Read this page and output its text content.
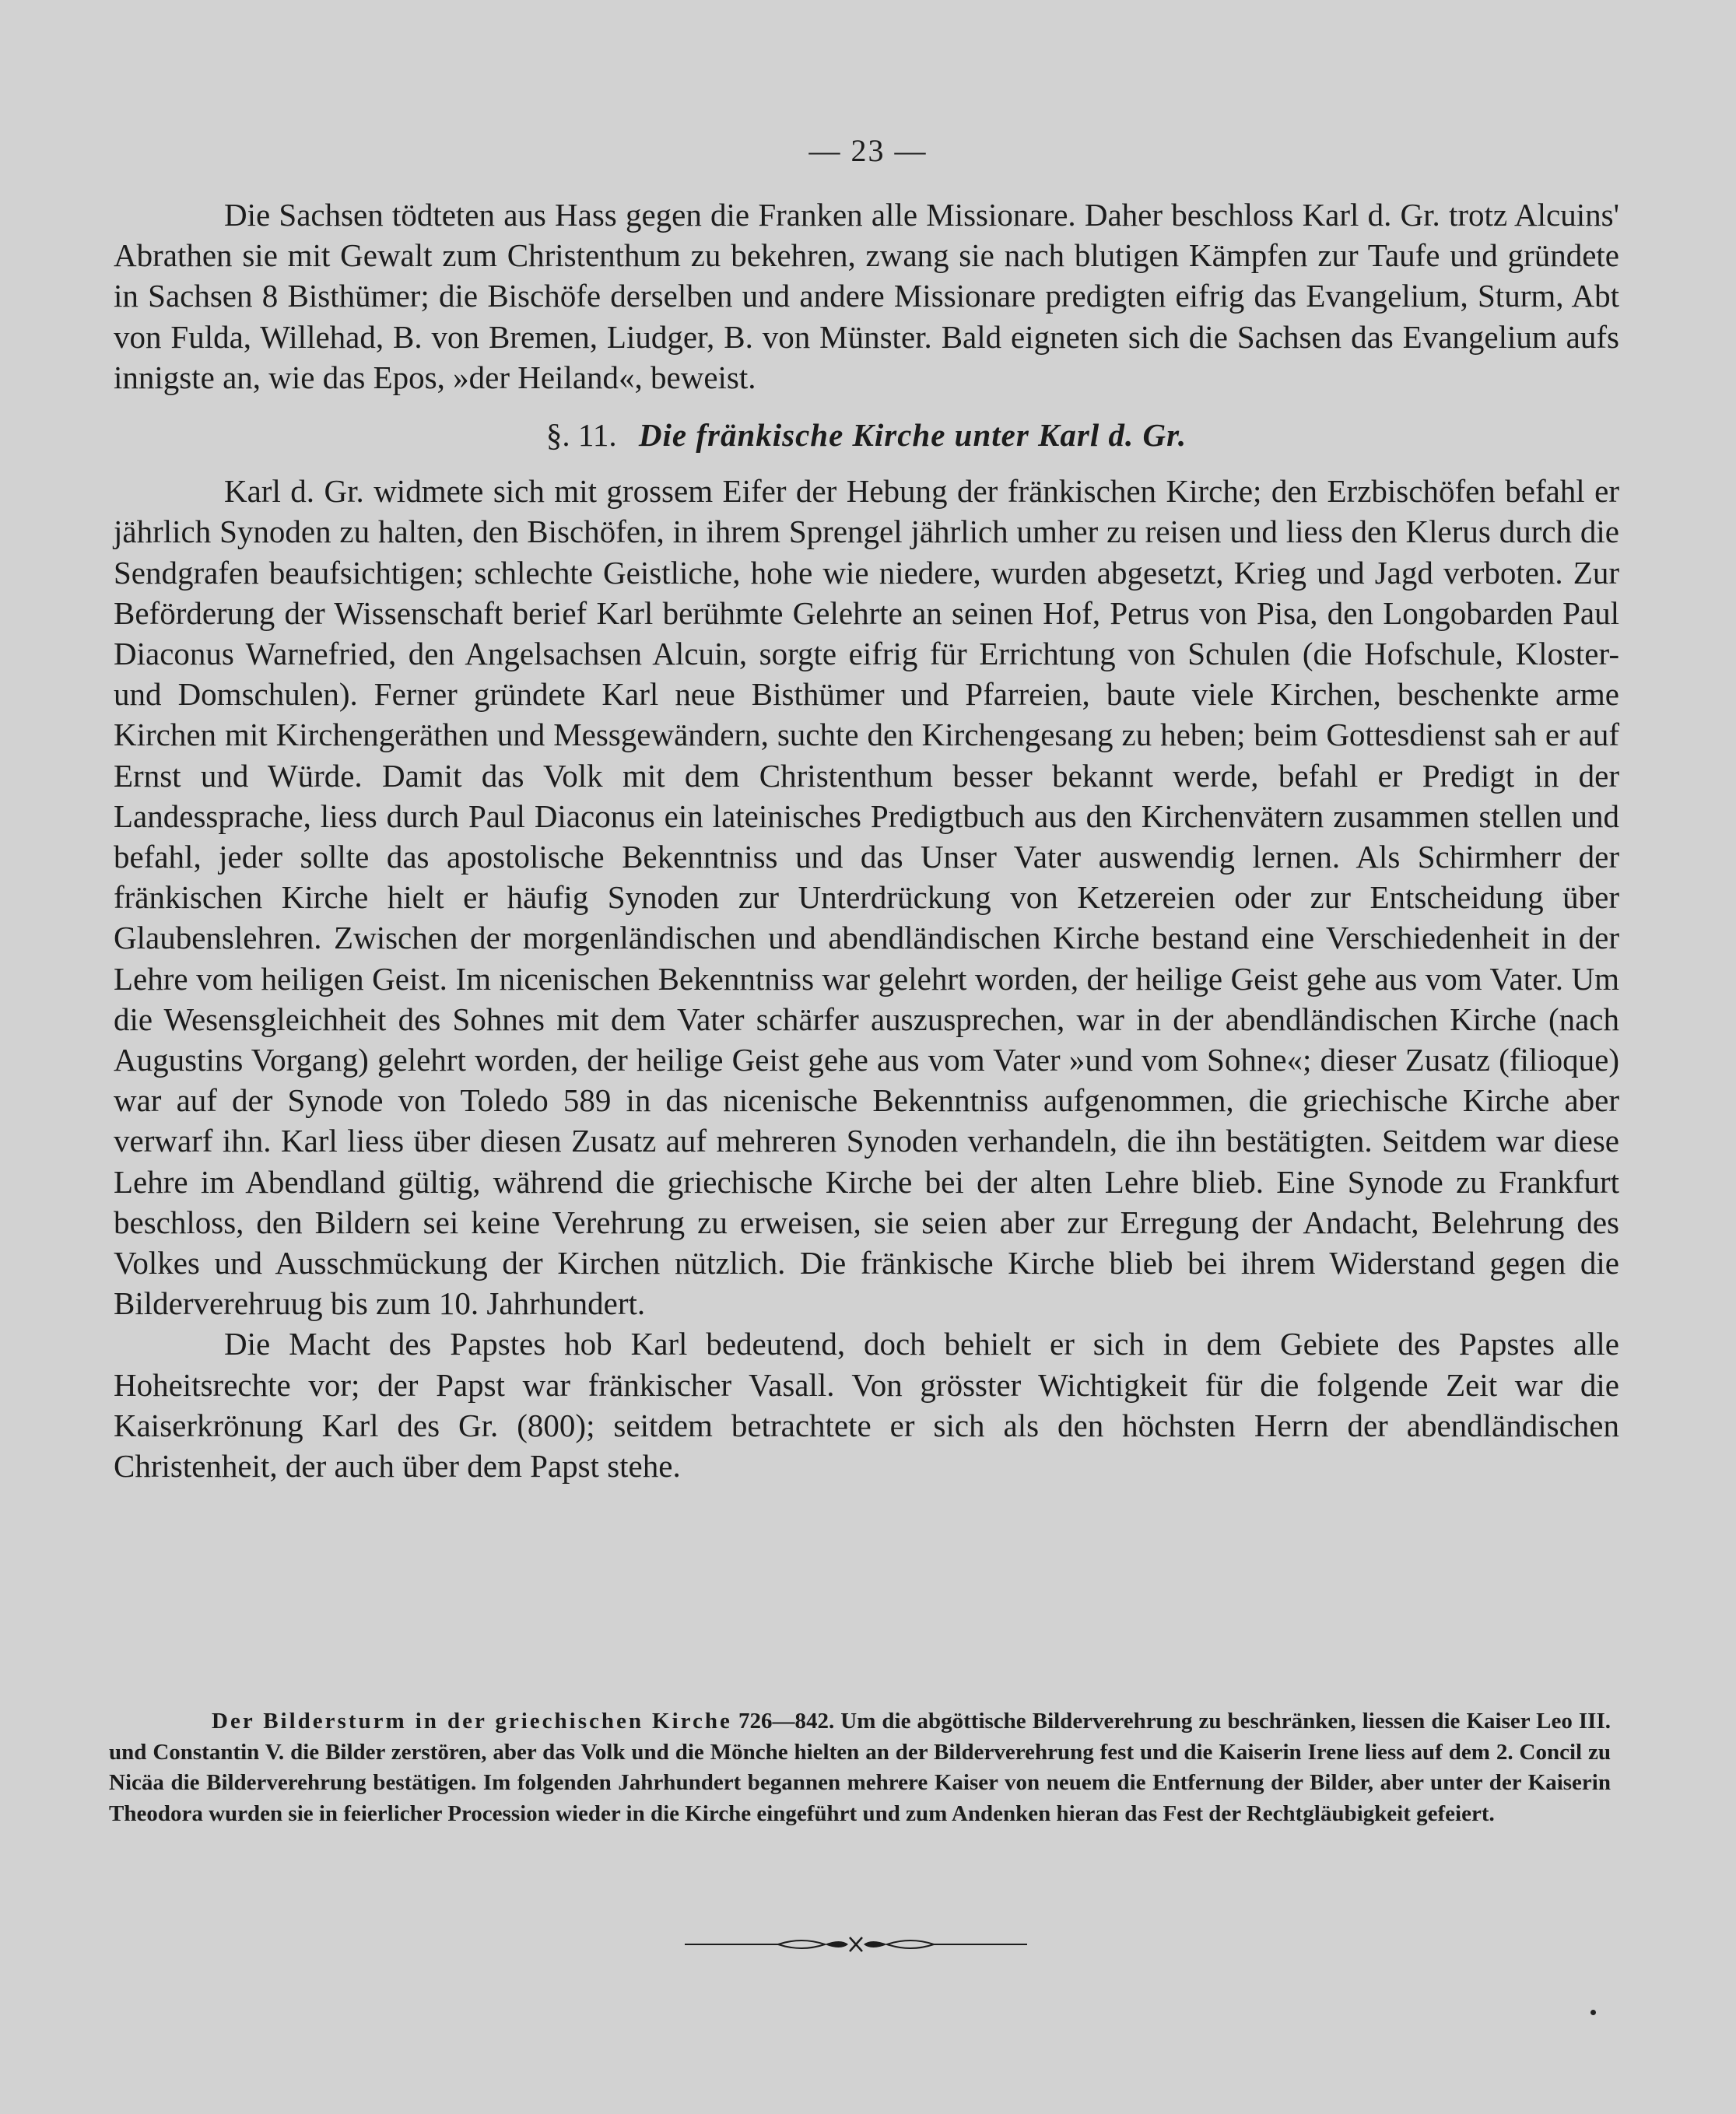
— 23 —

Die Sachsen tödteten aus Hass gegen die Franken alle Missionare. Daher beschloss Karl d. Gr. trotz Alcuins' Abrathen sie mit Gewalt zum Christenthum zu bekehren, zwang sie nach blutigen Kämpfen zur Taufe und gründete in Sachsen 8 Bisthümer; die Bischöfe derselben und andere Missionare predigten eifrig das Evangelium, Sturm, Abt von Fulda, Willehad, B. von Bremen, Liudger, B. von Münster. Bald eigneten sich die Sachsen das Evangelium aufs innigste an, wie das Epos, »der Heiland«, beweist.

§. 11. Die fränkische Kirche unter Karl d. Gr.

Karl d. Gr. widmete sich mit grossem Eifer der Hebung der fränkischen Kirche; den Erzbischöfen befahl er jährlich Synoden zu halten, den Bischöfen, in ihrem Sprengel jährlich umher zu reisen und liess den Klerus durch die Sendgrafen beaufsichtigen; schlechte Geistliche, hohe wie niedere, wurden abgesetzt, Krieg und Jagd verboten. Zur Beförderung der Wissenschaft berief Karl berühmte Gelehrte an seinen Hof, Petrus von Pisa, den Longobarden Paul Diaconus Warnefried, den Angelsachsen Alcuin, sorgte eifrig für Errichtung von Schulen (die Hofschule, Kloster- und Domschulen). Ferner gründete Karl neue Bisthümer und Pfarreien, baute viele Kirchen, beschenkte arme Kirchen mit Kirchengeräthen und Messgewändern, suchte den Kirchengesang zu heben; beim Gottesdienst sah er auf Ernst und Würde. Damit das Volk mit dem Christenthum besser bekannt werde, befahl er Predigt in der Landessprache, liess durch Paul Diaconus ein lateinisches Predigtbuch aus den Kirchenvätern zusammen stellen und befahl, jeder sollte das apostolische Bekenntniss und das Unser Vater auswendig lernen. Als Schirmherr der fränkischen Kirche hielt er häufig Synoden zur Unterdrückung von Ketzereien oder zur Entscheidung über Glaubenslehren. Zwischen der morgenländischen und abendländischen Kirche bestand eine Verschiedenheit in der Lehre vom heiligen Geist. Im nicenischen Bekenntniss war gelehrt worden, der heilige Geist gehe aus vom Vater. Um die Wesensgleichheit des Sohnes mit dem Vater schärfer auszusprechen, war in der abendländischen Kirche (nach Augustins Vorgang) gelehrt worden, der heilige Geist gehe aus vom Vater »und vom Sohne«; dieser Zusatz (filioque) war auf der Synode von Toledo 589 in das nicenische Bekenntniss aufgenommen, die griechische Kirche aber verwarf ihn. Karl liess über diesen Zusatz auf mehreren Synoden verhandeln, die ihn bestätigten. Seitdem war diese Lehre im Abendland gültig, während die griechische Kirche bei der alten Lehre blieb. Eine Synode zu Frankfurt beschloss, den Bildern sei keine Verehrung zu erweisen, sie seien aber zur Erregung der Andacht, Belehrung des Volkes und Ausschmückung der Kirchen nützlich. Die fränkische Kirche blieb bei ihrem Widerstand gegen die Bilderverehruug bis zum 10. Jahrhundert.

Die Macht des Papstes hob Karl bedeutend, doch behielt er sich in dem Gebiete des Papstes alle Hoheitsrechte vor; der Papst war fränkischer Vasall. Von grösster Wichtigkeit für die folgende Zeit war die Kaiserkrönung Karl des Gr. (800); seitdem betrachtete er sich als den höchsten Herrn der abendländischen Christenheit, der auch über dem Papst stehe.

Der Bildersturm in der griechischen Kirche 726—842. Um die abgöttische Bilderverehrung zu beschränken, liessen die Kaiser Leo III. und Constantin V. die Bilder zerstören, aber das Volk und die Mönche hielten an der Bilderverehrung fest und die Kaiserin Irene liess auf dem 2. Concil zu Nicäa die Bilderverehrung bestätigen. Im folgenden Jahrhundert begannen mehrere Kaiser von neuem die Entfernung der Bilder, aber unter der Kaiserin Theodora wurden sie in feierlicher Procession wieder in die Kirche eingeführt und zum Andenken hieran das Fest der Rechtgläubigkeit gefeiert.
